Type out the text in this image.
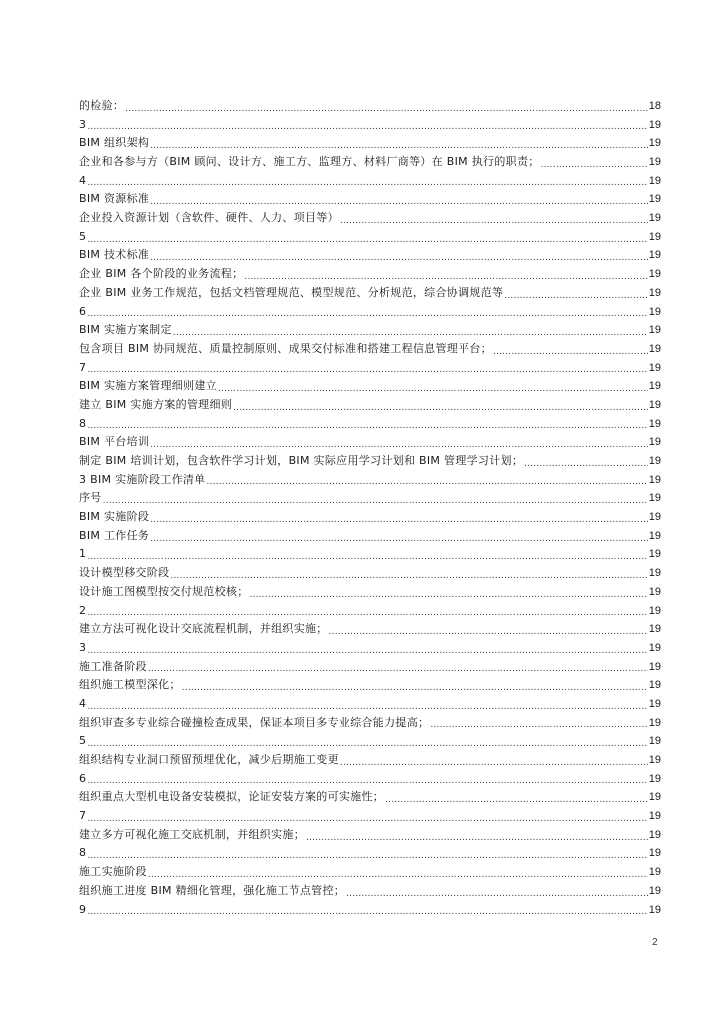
的检验： .....	18
3 .....	19
BIM 组织架构 .....	19
企业和各参与方（BIM 顾问、设计方、施工方、监理方、材料厂商等）在 BIM 执行的职责； .....	19
4 .....	19
BIM 资源标准 .....	19
企业投入资源计划（含软件、硬件、人力、项目等） .....	19
5 .....	19
BIM 技术标准 .....	19
企业 BIM 各个阶段的业务流程； .....	19
企业 BIM 业务工作规范，包括文档管理规范、模型规范、分析规范，综合协调规范等 .....	19
6 .....	19
BIM 实施方案制定 .....	19
包含项目 BIM 协同规范、质量控制原则、成果交付标准和搭建工程信息管理平台； .....	19
7 .....	19
BIM 实施方案管理细则建立 .....	19
建立 BIM 实施方案的管理细则 .....	19
8 .....	19
BIM 平台培训 .....	19
制定 BIM 培训计划，包含软件学习计划，BIM 实际应用学习计划和 BIM 管理学习计划； .....	19
3 BIM 实施阶段工作清单 .....	19
序号 .....	19
BIM 实施阶段 .....	19
BIM 工作任务 .....	19
1 .....	19
设计模型移交阶段 .....	19
设计施工图模型按交付规范校核； .....	19
2 .....	19
建立方法可视化设计交底流程机制，并组织实施； .....	19
3 .....	19
施工准备阶段 .....	19
组织施工模型深化； .....	19
4 .....	19
组织审查多专业综合碰撞检查成果，保证本项目多专业综合能力提高； .....	19
5 .....	19
组织结构专业洞口预留预埋优化，减少后期施工变更 .....	19
6 .....	19
组织重点大型机电设备安装模拟，论证安装方案的可实施性； .....	19
7 .....	19
建立多方可视化施工交底机制，并组织实施； .....	19
8 .....	19
施工实施阶段 .....	19
组织施工进度 BIM 精细化管理，强化施工节点管控； .....	19
9 .....	19
2
